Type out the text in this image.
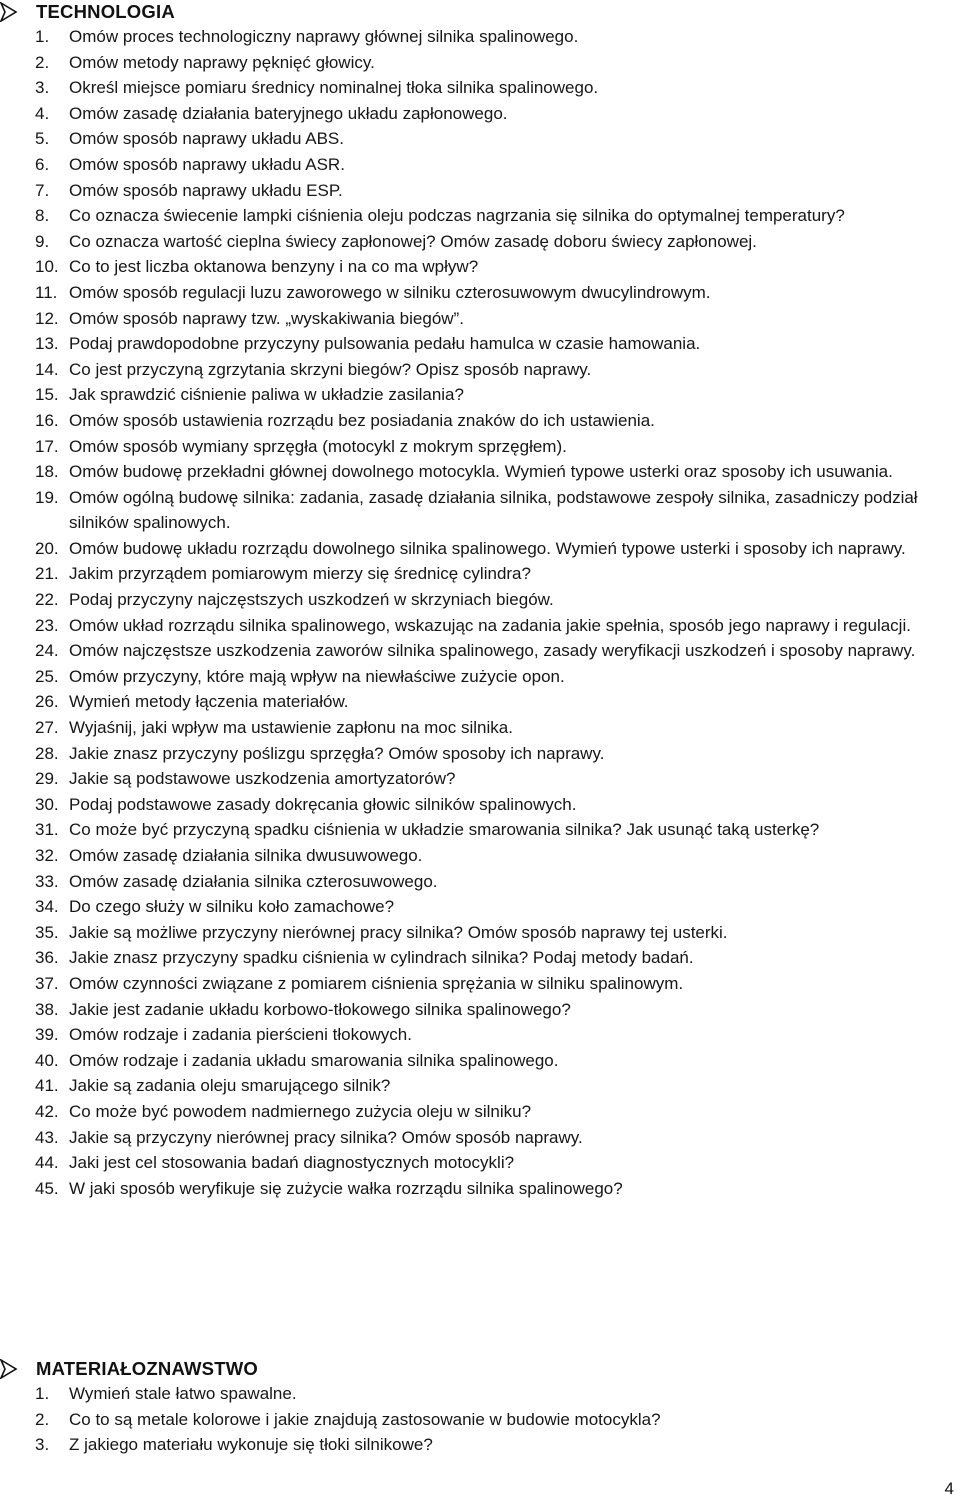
TECHNOLOGIA
1. Omów proces technologiczny naprawy głównej silnika spalinowego.
2. Omów metody naprawy pęknięć głowicy.
3. Określ miejsce pomiaru średnicy nominalnej tłoka silnika spalinowego.
4. Omów zasadę działania bateryjnego układu zapłonowego.
5. Omów sposób naprawy układu ABS.
6. Omów sposób naprawy układu ASR.
7. Omów sposób naprawy układu ESP.
8. Co oznacza świecenie lampki ciśnienia oleju podczas nagrzania się silnika do optymalnej temperatury?
9. Co oznacza wartość cieplna świecy zapłonowej? Omów zasadę doboru świecy zapłonowej.
10. Co to jest liczba oktanowa benzyny i na co ma wpływ?
11. Omów sposób regulacji luzu zaworowego w silniku czterosuwowym dwucylindrowym.
12. Omów sposób naprawy tzw. „wyskakiwania biegów”.
13. Podaj prawdopodobne przyczyny pulsowania pedału hamulca w czasie hamowania.
14. Co jest przyczyną zgrzytania skrzyni biegów? Opisz sposób naprawy.
15. Jak sprawdzić ciśnienie paliwa w układzie zasilania?
16. Omów sposób ustawienia rozrządu bez posiadania znaków do ich ustawienia.
17. Omów sposób wymiany sprzęgła (motocykl z mokrym sprzęgłem).
18. Omów budowę przekładni głównej dowolnego motocykla. Wymień typowe usterki oraz sposoby ich usuwania.
19. Omów ogólną budowę silnika: zadania, zasadę działania silnika, podstawowe zespoły silnika, zasadniczy podział silników spalinowych.
20. Omów budowę układu rozrządu dowolnego silnika spalinowego. Wymień typowe usterki i sposoby ich naprawy.
21. Jakim przyrządem pomiarowym mierzy się średnicę cylindra?
22. Podaj przyczyny najczęstszych uszkodzeń w skrzyniach biegów.
23. Omów układ rozrządu silnika spalinowego, wskazując na zadania jakie spełnia, sposób jego naprawy i regulacji.
24. Omów najczęstsze uszkodzenia zaworów silnika spalinowego, zasady weryfikacji uszkodzeń i sposoby naprawy.
25. Omów przyczyny, które mają wpływ na niewłaściwe zużycie opon.
26. Wymień metody łączenia materiałów.
27. Wyjaśnij, jaki wpływ ma ustawienie zapłonu na moc silnika.
28. Jakie znasz przyczyny poślizgu sprzęgła? Omów sposoby ich naprawy.
29. Jakie są podstawowe uszkodzenia amortyzatorów?
30. Podaj podstawowe zasady dokręcania głowic silników spalinowych.
31. Co może być przyczyną spadku ciśnienia w układzie smarowania silnika? Jak usunąć taką usterkę?
32. Omów zasadę działania silnika dwusuwowego.
33. Omów zasadę działania silnika czterosuwowego.
34. Do czego służy w silniku koło zamachowe?
35. Jakie są możliwe przyczyny nierównej pracy silnika? Omów sposób naprawy tej usterki.
36. Jakie znasz przyczyny spadku ciśnienia w cylindrach silnika? Podaj metody badań.
37. Omów czynności związane z pomiarem ciśnienia sprężania w silniku spalinowym.
38. Jakie jest zadanie układu korbowo-tłokowego silnika spalinowego?
39. Omów rodzaje i zadania pierścieni tłokowych.
40. Omów rodzaje i zadania układu smarowania silnika spalinowego.
41. Jakie są zadania oleju smarującego silnik?
42. Co może być powodem nadmiernego zużycia oleju w silniku?
43. Jakie są przyczyny nierównej pracy silnika? Omów sposób naprawy.
44. Jaki jest cel stosowania badań diagnostycznych motocykli?
45. W jaki sposób weryfikuje się zużycie wałka rozrządu silnika spalinowego?
MATERIAŁOZNAWSTWO
1. Wymień stale łatwo spawalne.
2. Co to są metale kolorowe i jakie znajdują zastosowanie w budowie motocykla?
3. Z jakiego materiału wykonuje się tłoki silnikowe?
4
